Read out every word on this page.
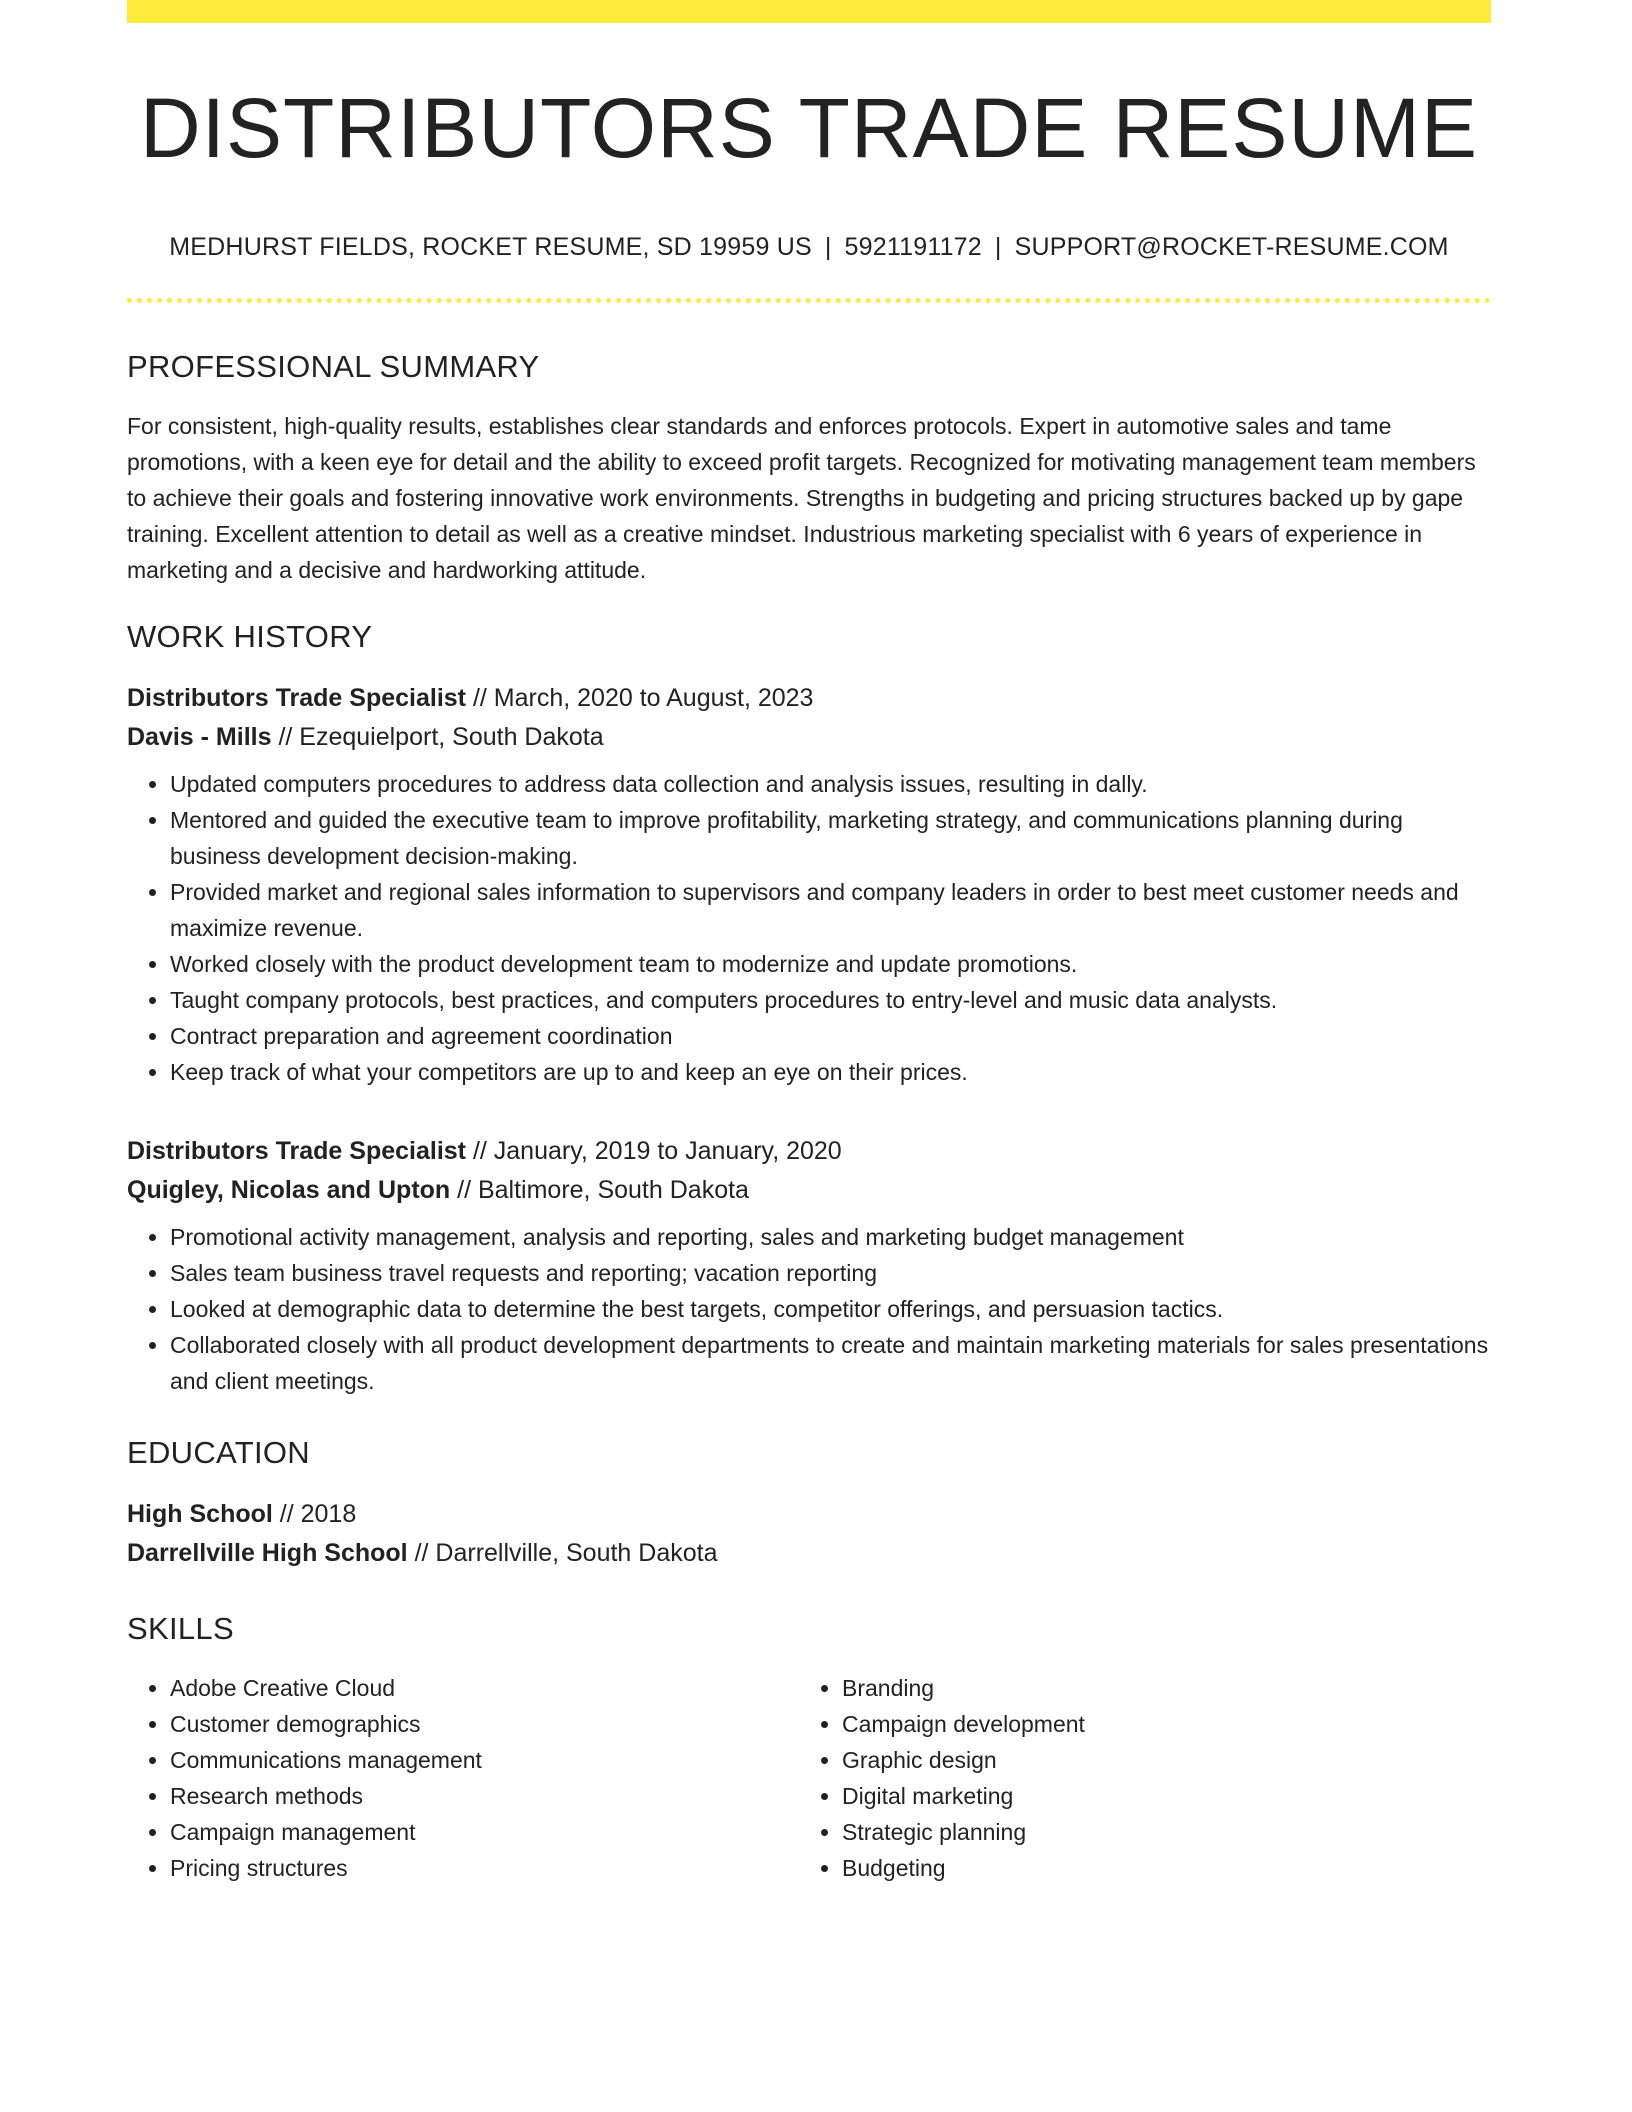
DISTRIBUTORS TRADE RESUME
MEDHURST FIELDS, ROCKET RESUME, SD 19959 US | 5921191172 | SUPPORT@ROCKET-RESUME.COM
PROFESSIONAL SUMMARY
For consistent, high-quality results, establishes clear standards and enforces protocols. Expert in automotive sales and tame promotions, with a keen eye for detail and the ability to exceed profit targets. Recognized for motivating management team members to achieve their goals and fostering innovative work environments. Strengths in budgeting and pricing structures backed up by gape training. Excellent attention to detail as well as a creative mindset. Industrious marketing specialist with 6 years of experience in marketing and a decisive and hardworking attitude.
WORK HISTORY
Distributors Trade Specialist // March, 2020 to August, 2023
Davis - Mills // Ezequielport, South Dakota
• Updated computers procedures to address data collection and analysis issues, resulting in dally.
• Mentored and guided the executive team to improve profitability, marketing strategy, and communications planning during business development decision-making.
• Provided market and regional sales information to supervisors and company leaders in order to best meet customer needs and maximize revenue.
• Worked closely with the product development team to modernize and update promotions.
• Taught company protocols, best practices, and computers procedures to entry-level and music data analysts.
• Contract preparation and agreement coordination
• Keep track of what your competitors are up to and keep an eye on their prices.
Distributors Trade Specialist // January, 2019 to January, 2020
Quigley, Nicolas and Upton // Baltimore, South Dakota
• Promotional activity management, analysis and reporting, sales and marketing budget management
• Sales team business travel requests and reporting; vacation reporting
• Looked at demographic data to determine the best targets, competitor offerings, and persuasion tactics.
• Collaborated closely with all product development departments to create and maintain marketing materials for sales presentations and client meetings.
EDUCATION
High School // 2018
Darrellville High School // Darrellville, South Dakota
SKILLS
• Adobe Creative Cloud
• Customer demographics
• Communications management
• Research methods
• Campaign management
• Pricing structures
• Branding
• Campaign development
• Graphic design
• Digital marketing
• Strategic planning
• Budgeting
